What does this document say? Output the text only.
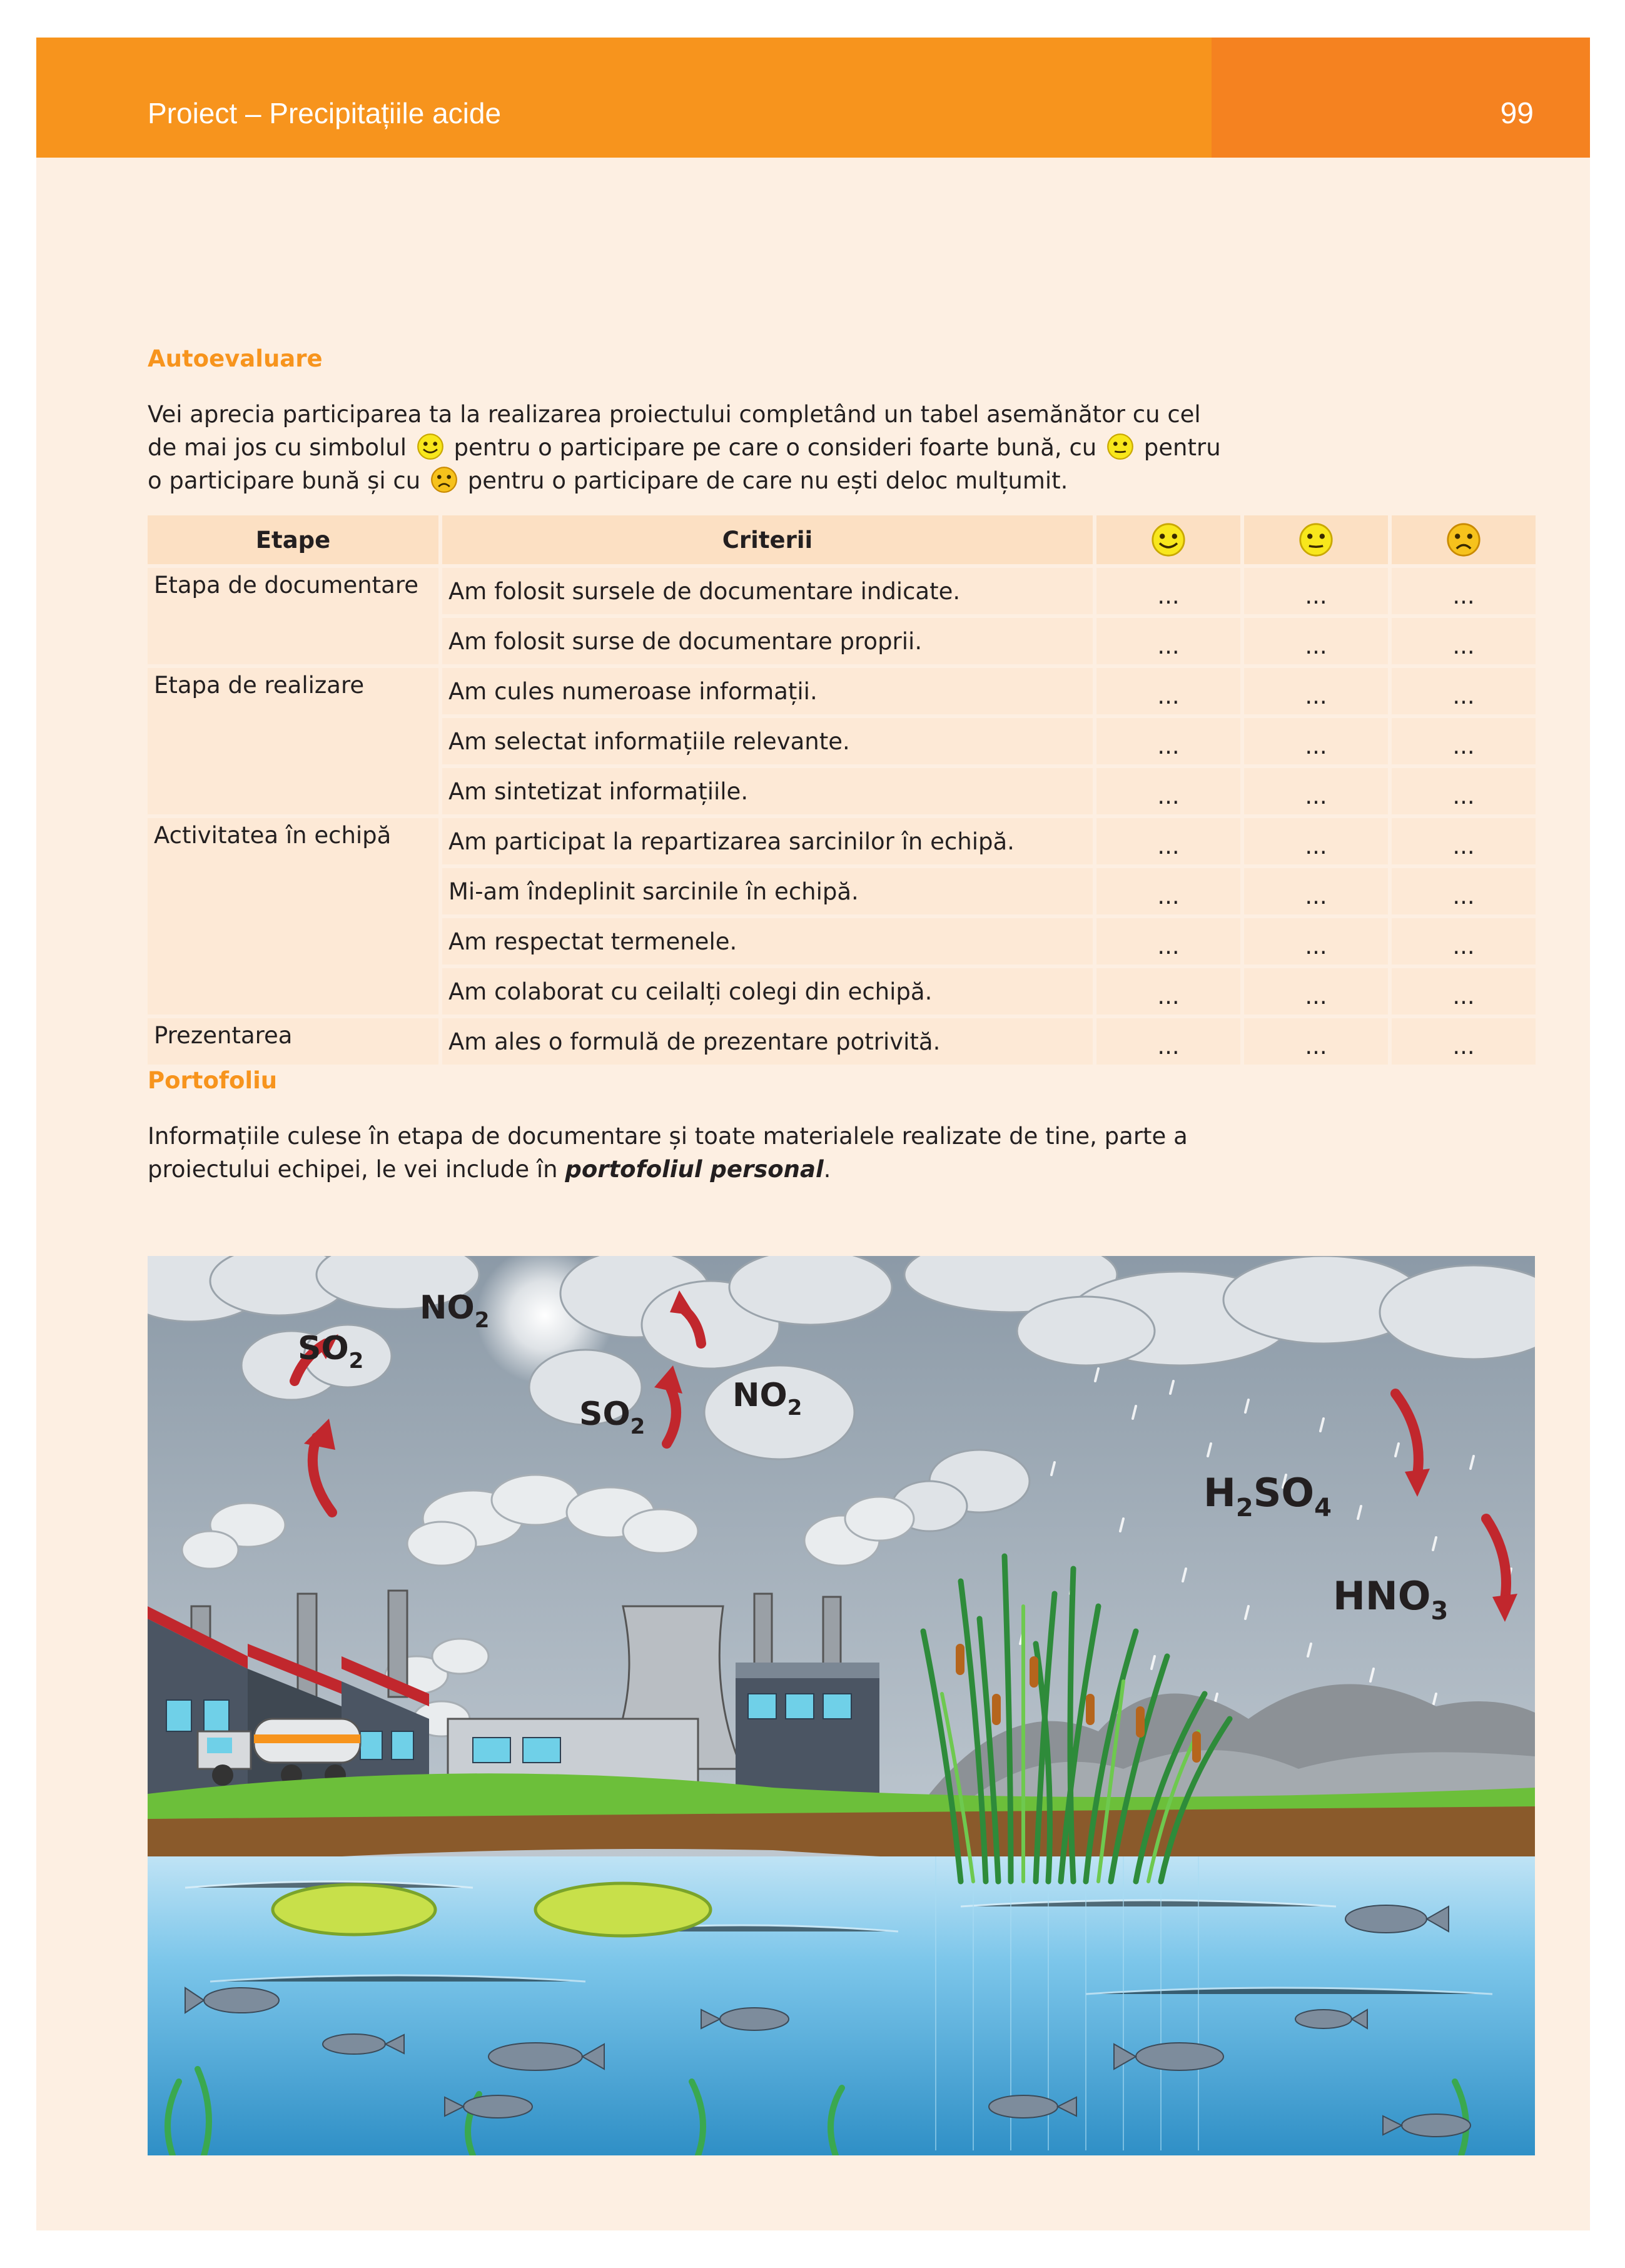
Proiect – Precipitațiile acide	99
Autoevaluare
Vei aprecia participarea ta la realizarea proiectului completând un tabel asemănător cu cel
de mai jos cu simbolul pentru o participare pe care o consideri foarte bună, cu pentru
o participare bună și cu pentru o participare de care nu ești deloc mulțumit.
Etape	Criterii			
Etapa de documentare	Am folosit sursele de documentare indicate.	...	...	...
	Am folosit surse de documentare proprii.	...	...	...
Etapa de realizare	Am cules numeroase informații.	...	...	...
	Am selectat informațiile relevante.	...	...	...
	Am sintetizat informațiile.	...	...	...
Activitatea în echipă	Am participat la repartizarea sarcinilor în echipă.	...	...	...
	Mi-am îndeplinit sarcinile în echipă.	...	...	...
	Am respectat termenele.	...	...	...
	Am colaborat cu ceilalți colegi din echipă.	...	...	...
Prezentarea	Am ales o formulă de prezentare potrivită.	...	...	...
Portofoliu
Informațiile culese în etapa de documentare și toate materialele realizate de tine, parte a
proiectului echipei, le vei include în portofoliul personal.
$SO_2$
$NO_2$
$SO_2$
$NO_2$
$H_2SO_4$
$HNO_3$
